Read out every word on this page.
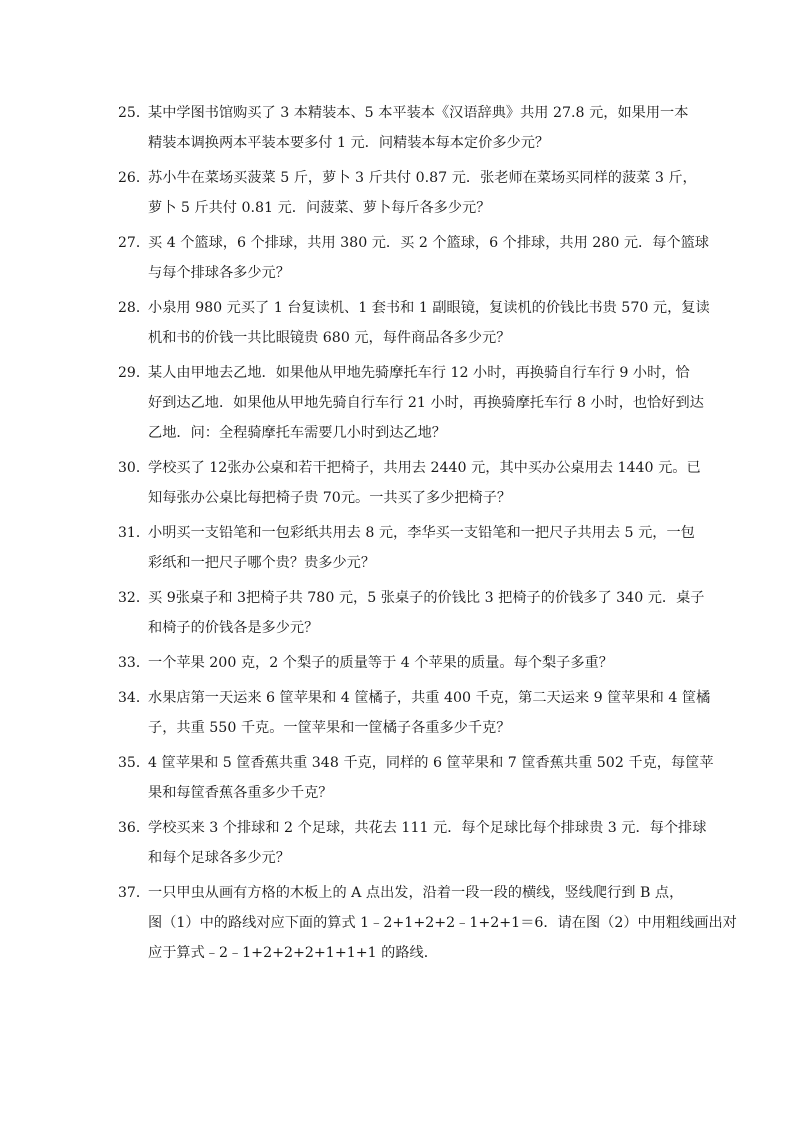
25．
某中学图书馆购买了 3 本精装本、5 本平装本《汉语辞典》共用 27.8 元，如果用一本
精装本调换两本平装本要多付 1 元．问精装本每本定价多少元？
26．
苏小牛在菜场买菠菜 5 斤，萝卜 3 斤共付 0.87 元．张老师在菜场买同样的菠菜 3 斤，
萝卜 5 斤共付 0.81 元．问菠菜、萝卜每斤各多少元？
27．
买 4 个篮球，6 个排球，共用 380 元．买 2 个篮球，6 个排球，共用 280 元．每个篮球
与每个排球各多少元？
28．
小泉用 980 元买了 1 台复读机、1 套书和 1 副眼镜，复读机的价钱比书贵 570 元，复读
机和书的价钱一共比眼镜贵 680 元，每件商品各多少元？
29．
某人由甲地去乙地．如果他从甲地先骑摩托车行 12 小时，再换骑自行车行 9 小时，恰
好到达乙地．如果他从甲地先骑自行车行 21 小时，再换骑摩托车行 8 小时，也恰好到达
乙地．问：全程骑摩托车需要几小时到达乙地？
30．
学校买了 12张办公桌和若干把椅子，共用去 2440 元，其中买办公桌用去 1440 元。已
知每张办公桌比每把椅子贵 70元。一共买了多少把椅子？
31．
小明买一支铅笔和一包彩纸共用去 8 元，李华买一支铅笔和一把尺子共用去 5 元，一包
彩纸和一把尺子哪个贵？贵多少元？
32．
买 9张桌子和 3把椅子共 780 元，5 张桌子的价钱比 3 把椅子的价钱多了 340 元．桌子
和椅子的价钱各是多少元？
33．
一个苹果 200 克，2 个梨子的质量等于 4 个苹果的质量。每个梨子多重？
34．
水果店第一天运来 6 筐苹果和 4 筐橘子，共重 400 千克，第二天运来 9 筐苹果和 4 筐橘
子，共重 550 千克。一筐苹果和一筐橘子各重多少千克？
35．
4 筐苹果和 5 筐香蕉共重 348 千克，同样的 6 筐苹果和 7 筐香蕉共重 502 千克，每筐苹
果和每筐香蕉各重多少千克？
36．
学校买来 3 个排球和 2 个足球，共花去 111 元．每个足球比每个排球贵 3 元．每个排球
和每个足球各多少元？
37．
一只甲虫从画有方格的木板上的 A 点出发，沿着一段一段的横线，竖线爬行到 B 点，
图（1）中的路线对应下面的算式 1﹣2+1+2+2﹣1+2+1＝6．请在图（2）中用粗线画出对
应于算式﹣2﹣1+2+2+2+1+1+1 的路线．
